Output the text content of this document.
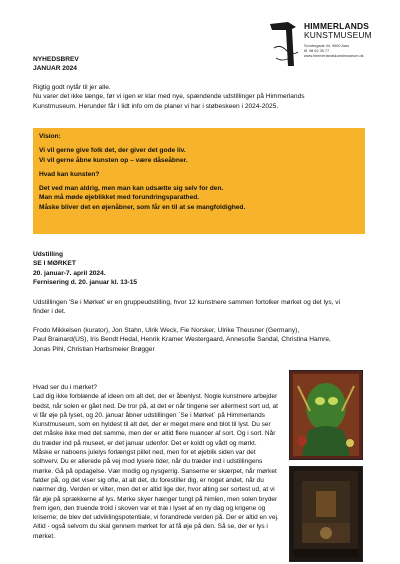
HIMMERLANDS
KUNSTMUSEUM
Sondergade 44, 9600 Aars
tlf. 98 62 35 77
www.himmerlandskunstmuseum.dk
NYHEDSBREV
JANUAR 2024
Rigtig godt nytår til jer alle.
Nu varer det ikke længe, før vi igen er klar med nye, spændende udstillinger på Himmerlands
Kunstmuseum. Herunder får I lidt info om de planer vi har i støbeskeen i 2024-2025.

Vision:

Vi vil gerne give folk det, der giver det gode liv.

Vi vil gerne åbne kunsten op – være dåseåbner.

Hvad kan kunsten?

Det ved man aldrig, men man kan udsætte sig selv for den.

Man må møde øjeblikket med forundringsparathed.

Måske bliver det en øjenåbner, som får en til at se mangfoldighed.

Udstilling
SE I MØRKET
20. januar-7. april 2024.
Fernisering d. 20. januar kl. 13-15
Udstillingen 'Se i Mørket' er en gruppeudstilling, hvor 12 kunstnere sammen fortolker mørket og det lys, vi
finder i det.
Frodo Mikkelsen (kurator), Jon Stahn, Ulrik Weck, Fie Norsker, Ulrike Theusner (Germany),
Paul Brainard(US), Iris Bendt Hedal, Henrik Kramer Westergaard, Annesofie Sandal, Christina Hamre,
Jonas Pihl, Christian Harbsmeier Brøgger
Hvad ser du i mørket?
Lad dig ikke forblænde af ideen om alt det, der er åbenlyst. Nogle kunstnere arbejder
bedst, når solen er gået ned. De tror på, at det er når tingene ser allermest sort ud, at
vi får øje på lyset, og 20. januar åbner udstillingen `Se i Mørket` på Himmerlands
Kunstmuseum, som en hyldest til alt det, der er meget mere end blot til lyst. Du ser
det måske ikke med det samme, men der er altid flere nuancer af sort. Og i sort. Når
du træder ind på museet, er det januar udenfor. Det er koldt og vådt og mørkt.
Måske er naboens julelys forlængst pillet ned, men for et øjeblik siden var det
solhverv. Du er allerede på vej mod lysere tider, når du træder ind i udstillingens
mørke. Gå på opdagelse. Vær modig og nysgerrig. Sanserne er skærpet, når mørket
falder på, og det viser sig ofte, at alt det, du forestiller dig, er noget andet, når du
nærmer dig. Verden er vilter, men det er altid lige der, hvor alting ser sortest ud, at vi
får øje på sprækkerne af lys. Mørke skyer hænger tungt på himlen, men solen bryder
frem igen, den truende trold i skoven var et træ i lyset af en ny dag og krigene og
kriserne; de blev det udviklingspotentiale, vi forandrede verden på. Der er altid en vej.
Altid - også selvom du skal gennem mørket for at få øje på den. Så se, der er lys i
mørket.
